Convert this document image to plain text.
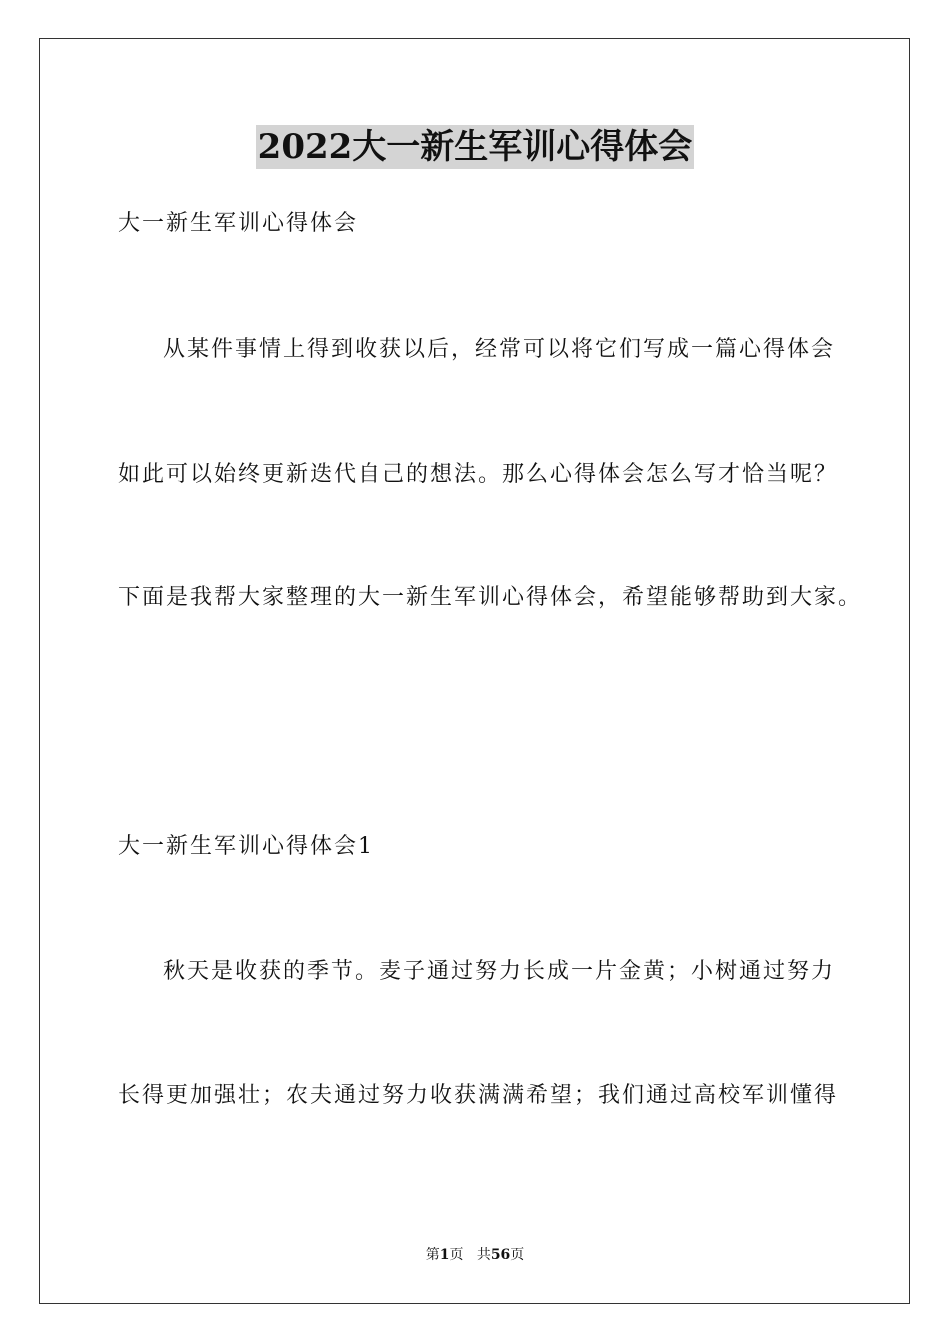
2022大一新生军训心得体会
大一新生军训心得体会
从某件事情上得到收获以后，经常可以将它们写成一篇心得体会
如此可以始终更新迭代自己的想法。那么心得体会怎么写才恰当呢？
下面是我帮大家整理的大一新生军训心得体会，希望能够帮助到大家。
大一新生军训心得体会1
秋天是收获的季节。麦子通过努力长成一片金黄；小树通过努力
长得更加强壮；农夫通过努力收获满满希望；我们通过高校军训懂得
第1页 共56页
